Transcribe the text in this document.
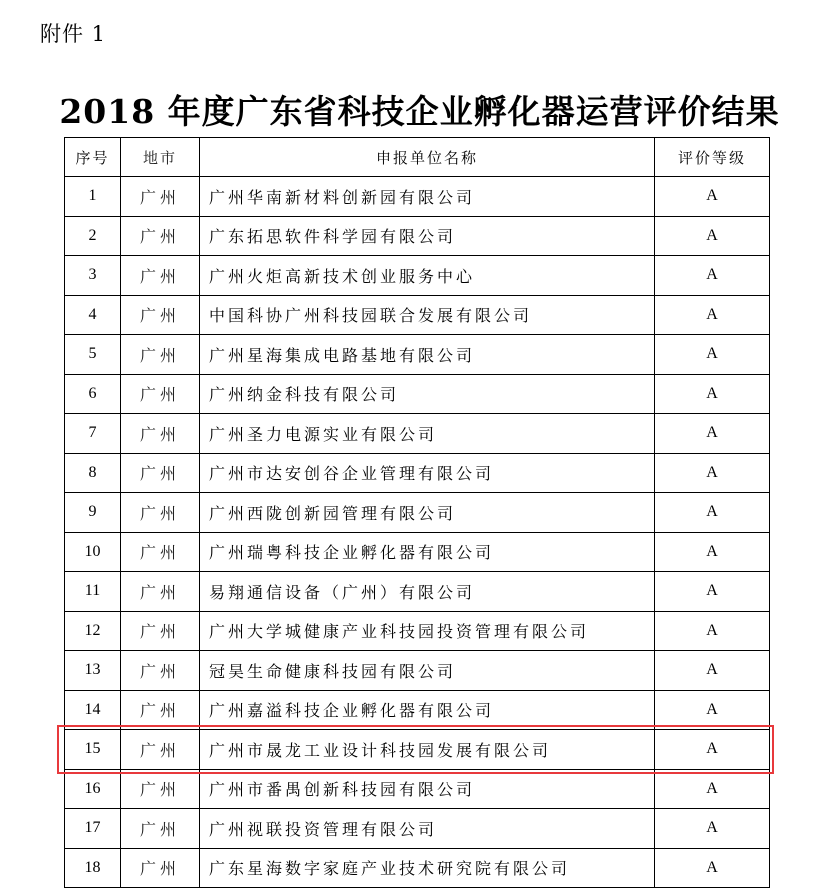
附件 1
2018 年度广东省科技企业孵化器运营评价结果
序号	地市	申报单位名称	评价等级
1	广州	广州华南新材料创新园有限公司	A
2	广州	广东拓思软件科学园有限公司	A
3	广州	广州火炬高新技术创业服务中心	A
4	广州	中国科协广州科技园联合发展有限公司	A
5	广州	广州星海集成电路基地有限公司	A
6	广州	广州纳金科技有限公司	A
7	广州	广州圣力电源实业有限公司	A
8	广州	广州市达安创谷企业管理有限公司	A
9	广州	广州西陇创新园管理有限公司	A
10	广州	广州瑞粤科技企业孵化器有限公司	A
11	广州	易翔通信设备（广州）有限公司	A
12	广州	广州大学城健康产业科技园投资管理有限公司	A
13	广州	冠昊生命健康科技园有限公司	A
14	广州	广州嘉溢科技企业孵化器有限公司	A
15	广州	广州市晟龙工业设计科技园发展有限公司	A
16	广州	广州市番禺创新科技园有限公司	A
17	广州	广州视联投资管理有限公司	A
18	广州	广东星海数字家庭产业技术研究院有限公司	A
